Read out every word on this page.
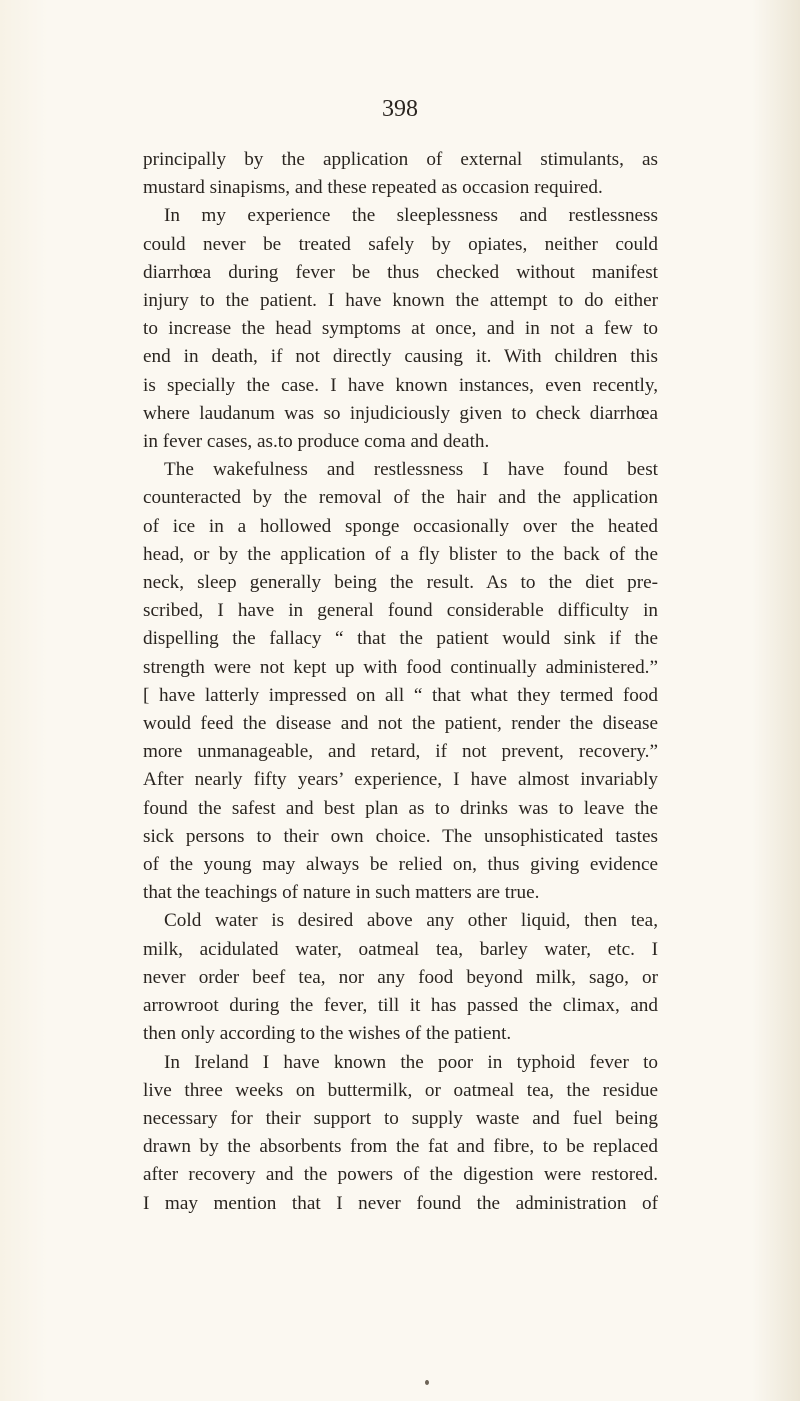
398
principally by the application of external stimulants, as
mustard sinapisms, and these repeated as occasion required.
In my experience the sleeplessness and restlessness
could never be treated safely by opiates, neither could
diarrhœa during fever be thus checked without manifest
injury to the patient. I have known the attempt to do either
to increase the head symptoms at once, and in not a few to
end in death, if not directly causing it. With children this
is specially the case. I have known instances, even recently,
where laudanum was so injudiciously given to check diarrhœa
in fever cases, as.to produce coma and death.
The wakefulness and restlessness I have found best
counteracted by the removal of the hair and the application
of ice in a hollowed sponge occasionally over the heated
head, or by the application of a fly blister to the back of the
neck, sleep generally being the result. As to the diet pre-
scribed, I have in general found considerable difficulty in
dispelling the fallacy “ that the patient would sink if the
strength were not kept up with food continually administered.”
[ have latterly impressed on all “ that what they termed food
would feed the disease and not the patient, render the disease
more unmanageable, and retard, if not prevent, recovery.”
After nearly fifty years’ experience, I have almost invariably
found the safest and best plan as to drinks was to leave the
sick persons to their own choice. The unsophisticated tastes
of the young may always be relied on, thus giving evidence
that the teachings of nature in such matters are true.
Cold water is desired above any other liquid, then tea,
milk, acidulated water, oatmeal tea, barley water, etc. I
never order beef tea, nor any food beyond milk, sago, or
arrowroot during the fever, till it has passed the climax, and
then only according to the wishes of the patient.
In Ireland I have known the poor in typhoid fever to
live three weeks on buttermilk, or oatmeal tea, the residue
necessary for their support to supply waste and fuel being
drawn by the absorbents from the fat and fibre, to be replaced
after recovery and the powers of the digestion were restored.
I may mention that I never found the administration of
